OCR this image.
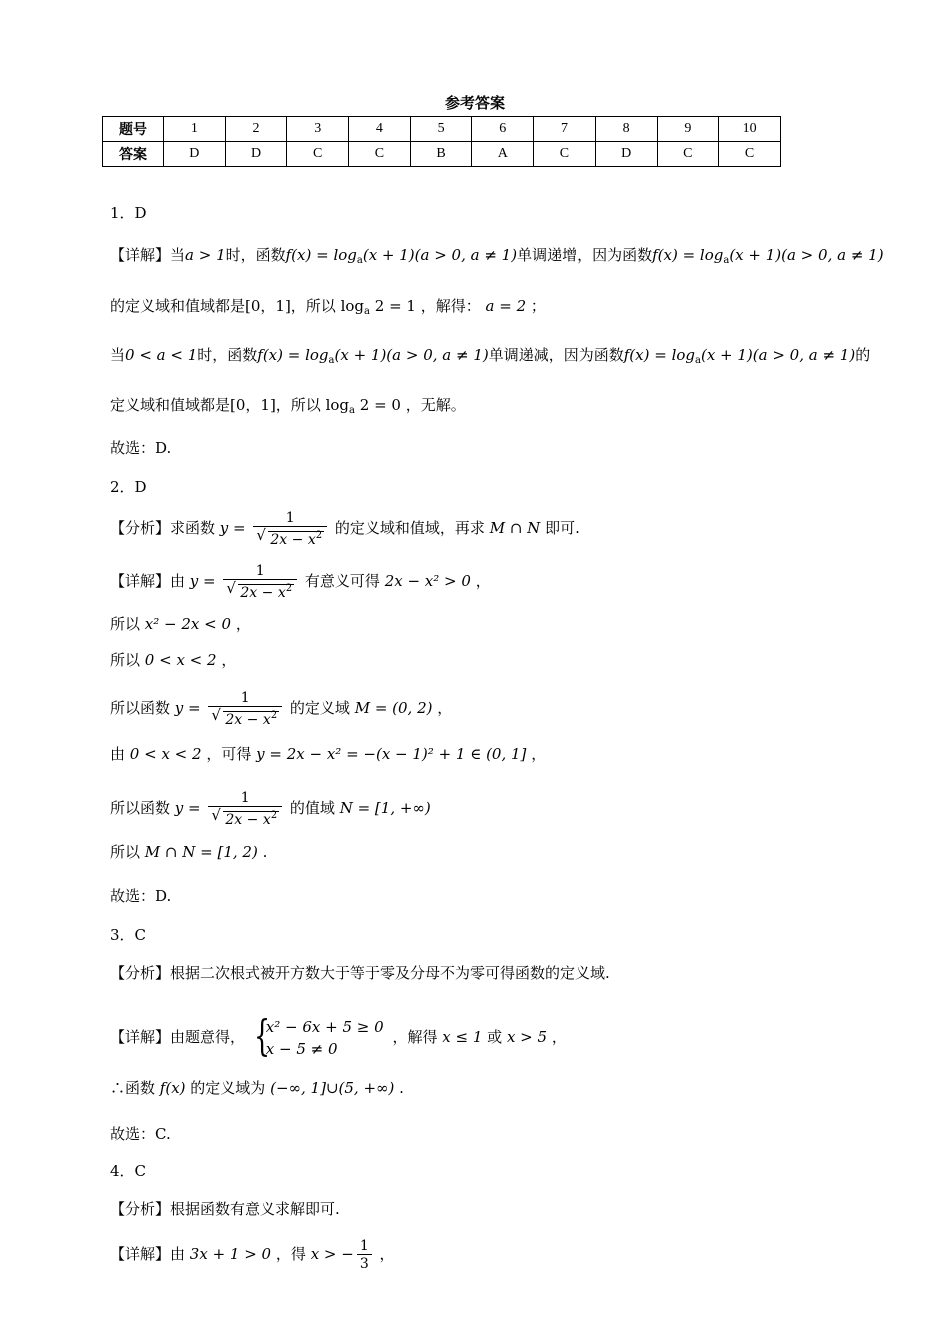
参考答案
题号	1	2	3	4	5	6	7	8	9	10
答案	D	D	C	C	B	A	C	D	C	C
1．D
【详解】当 a > 1 时，函数 $f(x) = \log_a(x + 1)(a > 0$, a ≠ 1) 单调递增，因为函数 $f(x) = \log_a(x + 1)(a > 0$, a ≠ 1)
的定义域和值域都是[0，1]，所以 $\log_a 2 = 1$ ，解得： a = 2 ；
当 0 < a < 1 时，函数 $f(x) = \log_a(x + 1)(a > 0$, a ≠ 1) 单调递减，因为函数 $f(x) = \log_a(x + 1)(a > 0$, a ≠ 1) 的
定义域和值域都是[0，1]，所以 $\log_a 2 = 0$ ，无解。
故选：D.
2．D
【分析】求函数 y = 1
√ $2x - x^2$ 的定义域和值域，再求 M ∩ N 即可.
【详解】由 y = 1
√ $2x - x^2$ 有意义可得 2x − x² > 0 ，
所以 x² − 2x < 0 ，
所以 0 < x < 2 ，
所以函数 y = 1
√ $2x - x^2$ 的定义域 M = (0, 2) ，
由 0 < x < 2 ，可得 y = 2x − x² = −(x − 1)² + 1 ∈ (0, 1] ，
所以函数 y = 1
√ $2x - x^2$ 的值域 N = [1, +∞)
所以 M ∩ N = [1, 2) .
故选：D.
3．C
【分析】根据二次根式被开方数大于等于零及分母不为零可得函数的定义域.
【详解】由题意得， {
x² − 6x + 5 ≥ 0
x − 5 ≠ 0
，解得 x ≤ 1 或 x > 5 ，
∴函数 f(x) 的定义域为 (−∞, 1]∪(5, +∞) .
故选：C.
4．C
【分析】根据函数有意义求解即可.
【详解】由 3x + 1 > 0 ，得 x > − $\frac{1}{3}$ ，
